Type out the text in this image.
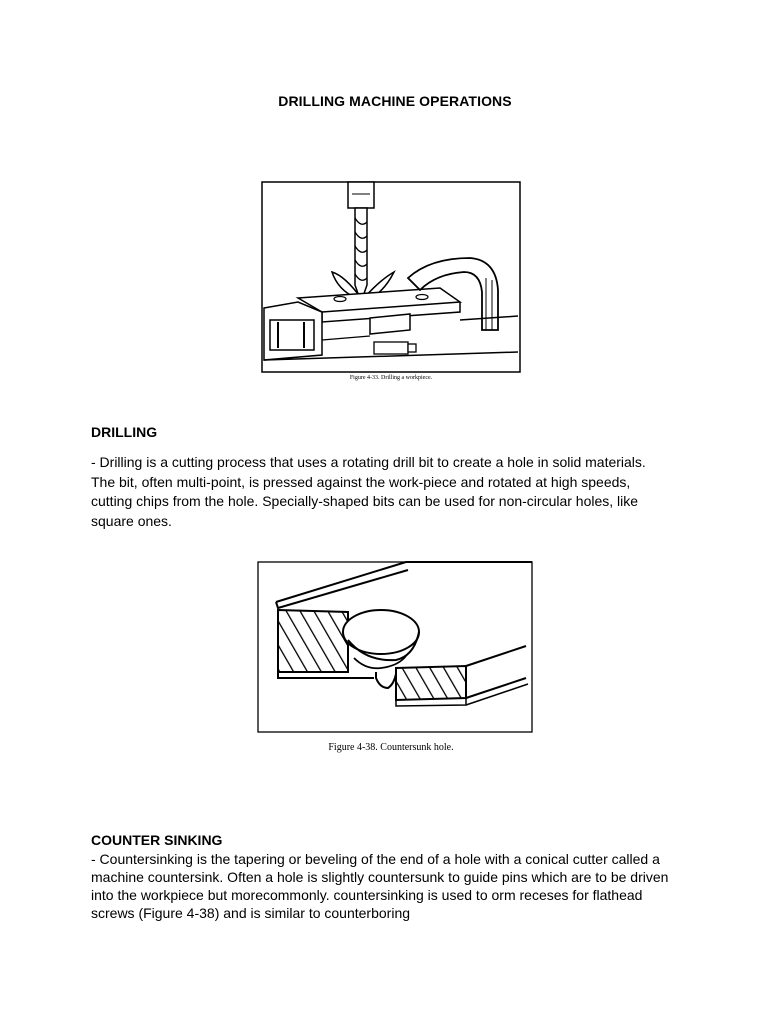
DRILLING MACHINE OPERATIONS
Figure 4-33. Drilling a workpiece.
DRILLING
- Drilling is a cutting process that uses a rotating drill bit to create a hole in solid materials. The bit, often multi-point, is pressed against the work-piece and rotated at high speeds, cutting chips from the hole. Specially-shaped bits can be used for non-circular holes, like square ones.
Figure 4-38. Countersunk hole.
COUNTER SINKING
- Countersinking is the tapering or beveling of the end of a hole with a conical cutter called a machine countersink. Often a hole is slightly countersunk to guide pins which are to be driven into the workpiece but morecommonly. countersinking is used to orm receses for flathead screws (Figure 4-38) and is similar to counterboring
